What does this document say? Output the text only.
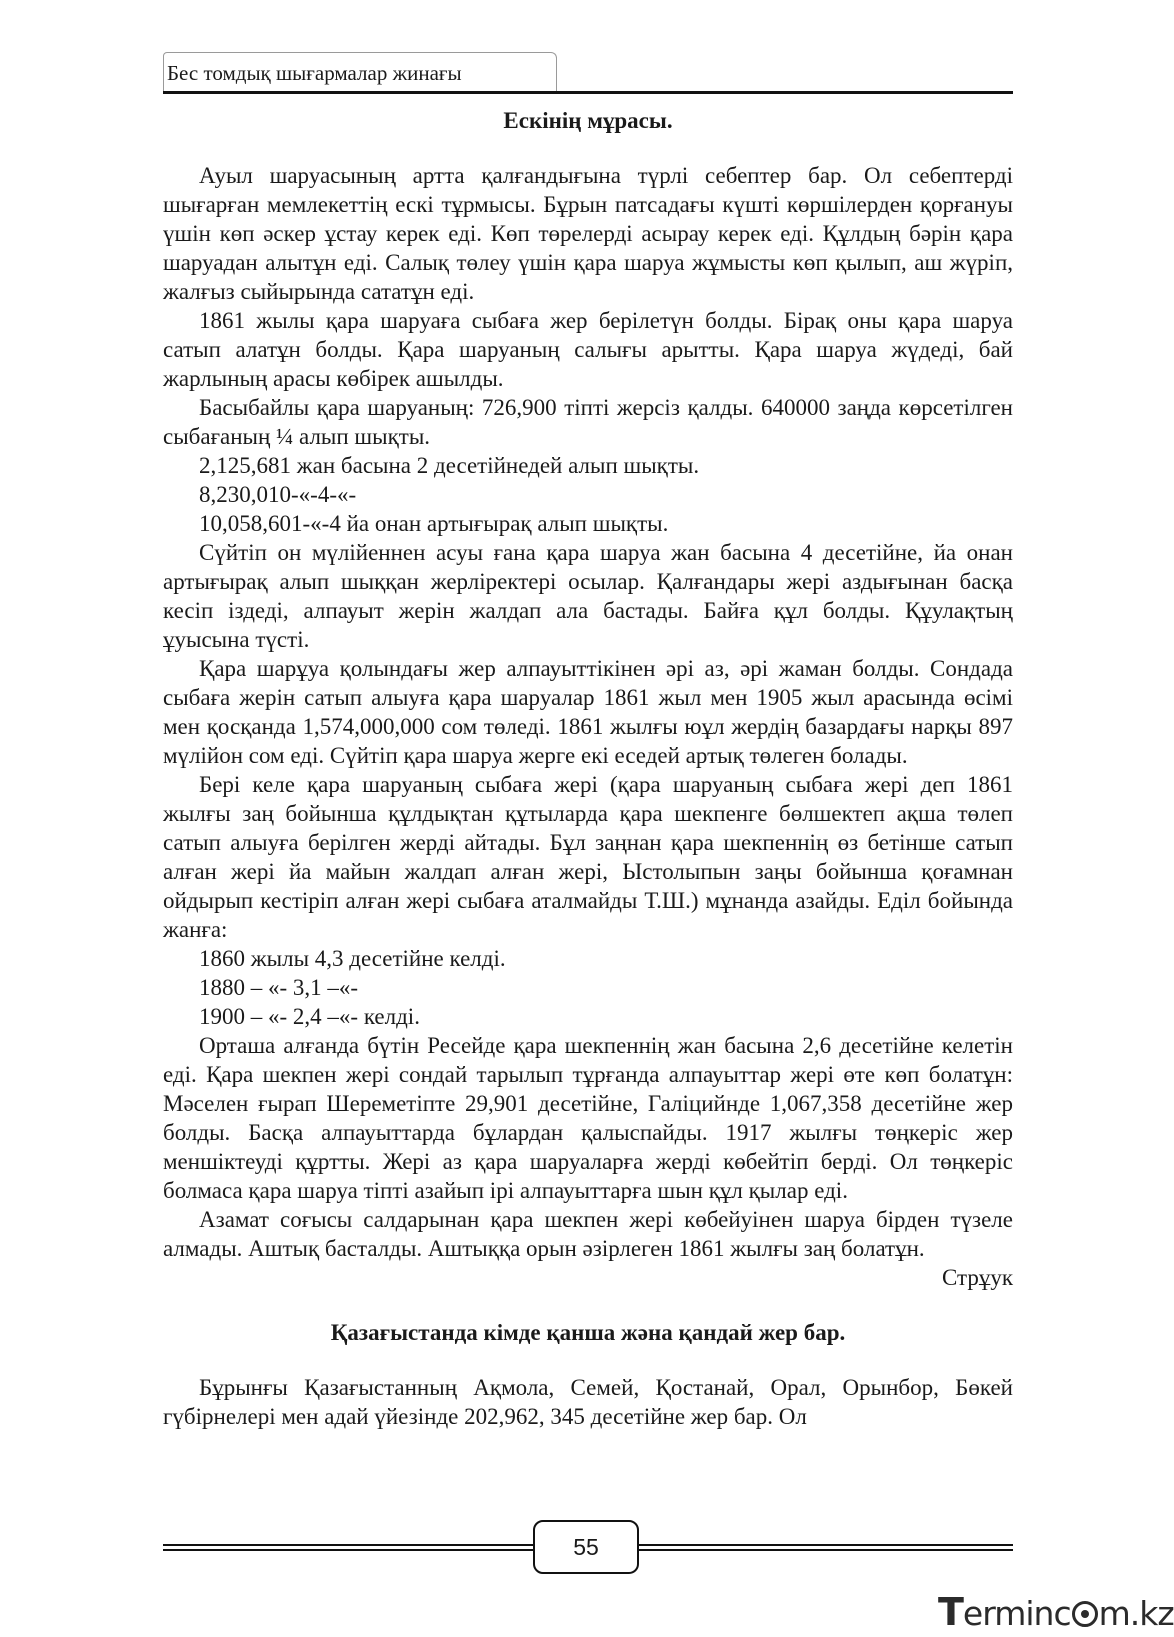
Бес томдық шығармалар жинағы
Ескінің мұрасы.

Ауыл шаруасының артта қалғандығына түрлі себептер бар. Ол себептерді шығарған мемлекеттің ескі тұрмысы. Бұрын патсадағы күшті көршілерден қорғануы үшін көп әскер ұстау керек еді. Көп төрелерді асырау керек еді. Құлдың бәрін қара шаруадан алытұн еді. Салық төлеу үшін қара шаруа жұмысты көп қылып, аш жүріп, жалғыз сыйырында сататұн еді.

1861 жылы қара шаруаға сыбаға жер берілетүн болды. Бірақ оны қара шаруа сатып алатұн болды. Қара шаруаның салығы арытты. Қара шаруа жүдеді, бай жарлының арасы көбірек ашылды.

Басыбайлы қара шаруаның: 726,900 тіпті жерсіз қалды. 640000 заңда көрсетілген сыбағаның ¼ алып шықты.

2,125,681 жан басына 2 десетійнедей алып шықты.

8,230,010-«-4-«-

10,058,601-«-4 йа онан артығырақ алып шықты.

Сүйтіп он мүлійеннен асуы ғана қара шаруа жан басына 4 десетійне, йа онан артығырақ алып шыққан жерліректері осылар. Қалғандары жері аздығынан басқа кесіп іздеді, алпауыт жерін жалдап ала бастады. Байға құл болды. Құулақтың ұуысына түсті.

Қара шарұуа қолындағы жер алпауыттікінен әрі аз, әрі жаман болды. Сондада сыбаға жерін сатып алыуға қара шаруалар 1861 жыл мен 1905 жыл арасында өсімі мен қосқанда 1,574,000,000 сом төледі. 1861 жылғы юұл жердің базардағы нарқы 897 мүлійон сом еді. Сүйтіп қара шаруа жерге екі еседей артық төлеген болады.

Бері келе қара шаруаның сыбаға жері (қара шаруаның сыбаға жері деп 1861 жылғы заң бойынша құлдықтан құтыларда қара шекпенге бөлшектеп ақша төлеп сатып алыуға берілген жерді айтады. Бұл заңнан қара шекпеннің өз бетінше сатып алған жері йа майын жалдап алған жері, Ыстолыпын заңы бойынша қоғамнан ойдырып кестіріп алған жері сыбаға аталмайды Т.Ш.) мұнанда азайды. Еділ бойында жанға:

1860 жылы 4,3 десетійне келді.

1880 – «- 3,1 –«-

1900 – «- 2,4 –«- келді.

Орташа алғанда бүтін Ресейде қара шекпеннің жан басына 2,6 десетійне келетін еді. Қара шекпен жері сондай тарылып тұрғанда алпауыттар жері өте көп болатұн: Мәселен ғырап Шереметіпте 29,901 десетійне, Галіцийнде 1,067,358 десетійне жер болды. Басқа алпауыттарда бұлардан қалыспайды. 1917 жылғы төңкеріс жер меншіктеуді құртты. Жері аз қара шаруаларға жерді көбейтіп берді. Ол төңкеріс болмаса қара шаруа тіпті азайып ірі алпауыттарға шын құл қылар еді.

Азамат соғысы салдарынан қара шекпен жері көбейуінен шаруа бірден түзеле алмады. Аштық басталды. Аштыққа орын әзірлеген 1861 жылғы заң болатұн.

Стрұук

Қазағыстанда кімде қанша жәна қандай жер бар.

Бұрынғы Қазағыстанның Ақмола, Семей, Қостанай, Орал, Орынбор, Бөкей гүбірнелері мен адай үйезінде 202,962, 345 десетійне жер бар. Ол

55
Terminc m.kz
